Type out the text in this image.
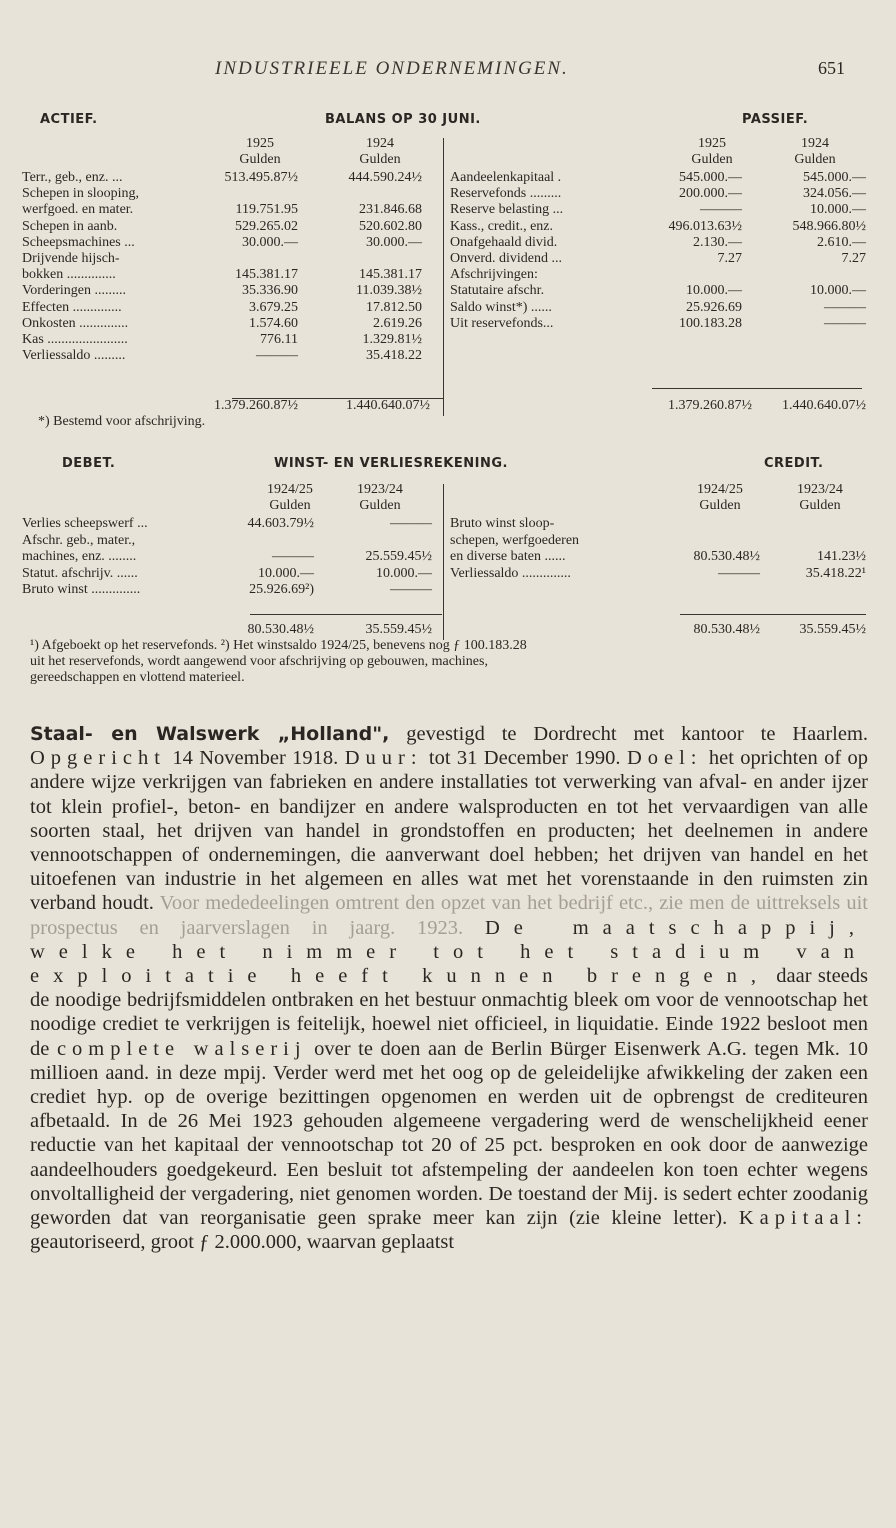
INDUSTRIEELE ONDERNEMINGEN.	651
ACTIEF.	BALANS OP 30 JUNI.	PASSIEF.
1925
Gulden
1924
Gulden
1925
Gulden
1924
Gulden
Terr., geb., enz. ...	513.495.87½	444.590.24½
Schepen in slooping,
werfgoed. en mater.	119.751.95	231.846.68
Schepen in aanb.	529.265.02	520.602.80
Scheepsmachines ...	30.000.—	30.000.—
Drijvende hijsch-
bokken ..............	145.381.17	145.381.17
Vorderingen .........	35.336.90	11.039.38½
Effecten ..............	3.679.25	17.812.50
Onkosten ..............	1.574.60	2.619.26
Kas .......................	776.11	1.329.81½
Verliessaldo .........	———	35.418.22
Aandeelenkapitaal .	545.000.—	545.000.—
Reservefonds .........	200.000.—	324.056.—
Reserve belasting ...	———	10.000.—
Kass., credit., enz.	496.013.63½	548.966.80½
Onafgehaald divid.	2.130.—	2.610.—
Onverd. dividend ...	7.27	7.27
Afschrijvingen:
Statutaire afschr.	10.000.—	10.000.—
Saldo winst*) ......	25.926.69	———
Uit reservefonds...	100.183.28	———
1.379.260.87½	1.440.640.07½	1.379.260.87½	1.440.640.07½
*) Bestemd voor afschrijving.
DEBET.	WINST- EN VERLIESREKENING.	CREDIT.
1924/25
Gulden
1923/24
Gulden
1924/25
Gulden
1923/24
Gulden
Verlies scheepswerf ...	44.603.79½	———
Afschr. geb., mater.,
machines, enz. ........	———	25.559.45½
Statut. afschrijv. ......	10.000.—	10.000.—
Bruto winst ..............	25.926.69²)	———
Bruto winst sloop-
schepen, werfgoederen
en diverse baten ......	80.530.48½	141.23½
Verliessaldo ..............	———	35.418.22¹
80.530.48½	35.559.45½	80.530.48½	35.559.45½
¹) Afgeboekt op het reservefonds. ²) Het winstsaldo 1924/25, benevens nog ƒ 100.183.28
uit het reservefonds, wordt aangewend voor afschrijving op gebouwen, machines,
gereedschappen en vlottend materieel.
Staal- en Walswerk „Holland", gevestigd te Dordrecht met kantoor te Haarlem. Opgericht 14 November 1918. Duur: tot 31 December 1990. Doel: het oprichten of op andere wijze verkrijgen van fabrieken en andere installaties tot verwerking van afval- en ander ijzer tot klein profiel-, beton- en bandijzer en andere walsproducten en tot het vervaardigen van alle soorten staal, het drijven van handel in grondstoffen en producten; het deelnemen in andere vennootschappen of ondernemingen, die aanverwant doel hebben; het drijven van handel en het uitoefenen van industrie in het algemeen en alles wat met het vorenstaande in den ruimsten zin verband houdt. Voor mededeelingen omtrent den opzet van het bedrijf etc., zie men de uittreksels uit prospectus en jaarverslagen in jaarg. 1923. De maatschappij, welke het nimmer tot het stadium van exploitatie heeft kunnen brengen, daar steeds de noodige bedrijfsmiddelen ontbraken en het bestuur onmachtig bleek om voor de vennootschap het noodige crediet te verkrijgen is feitelijk, hoewel niet officieel, in liquidatie. Einde 1922 besloot men de complete walserij over te doen aan de Berlin Bürger Eisenwerk A.G. tegen Mk. 10 millioen aand. in deze mpij. Verder werd met het oog op de geleidelijke afwikkeling der zaken een crediet hyp. op de overige bezittingen opgenomen en werden uit de opbrengst de crediteuren afbetaald. In de 26 Mei 1923 gehouden algemeene vergadering werd de wenschelijkheid eener reductie van het kapitaal der vennootschap tot 20 of 25 pct. besproken en ook door de aanwezige aandeelhouders goedgekeurd. Een besluit tot afstempeling der aandeelen kon toen echter wegens onvoltalligheid der vergadering, niet genomen worden. De toestand der Mij. is sedert echter zoodanig geworden dat van reorganisatie geen sprake meer kan zijn (zie kleine letter). Kapitaal: geautoriseerd, groot ƒ 2.000.000, waarvan geplaatst
